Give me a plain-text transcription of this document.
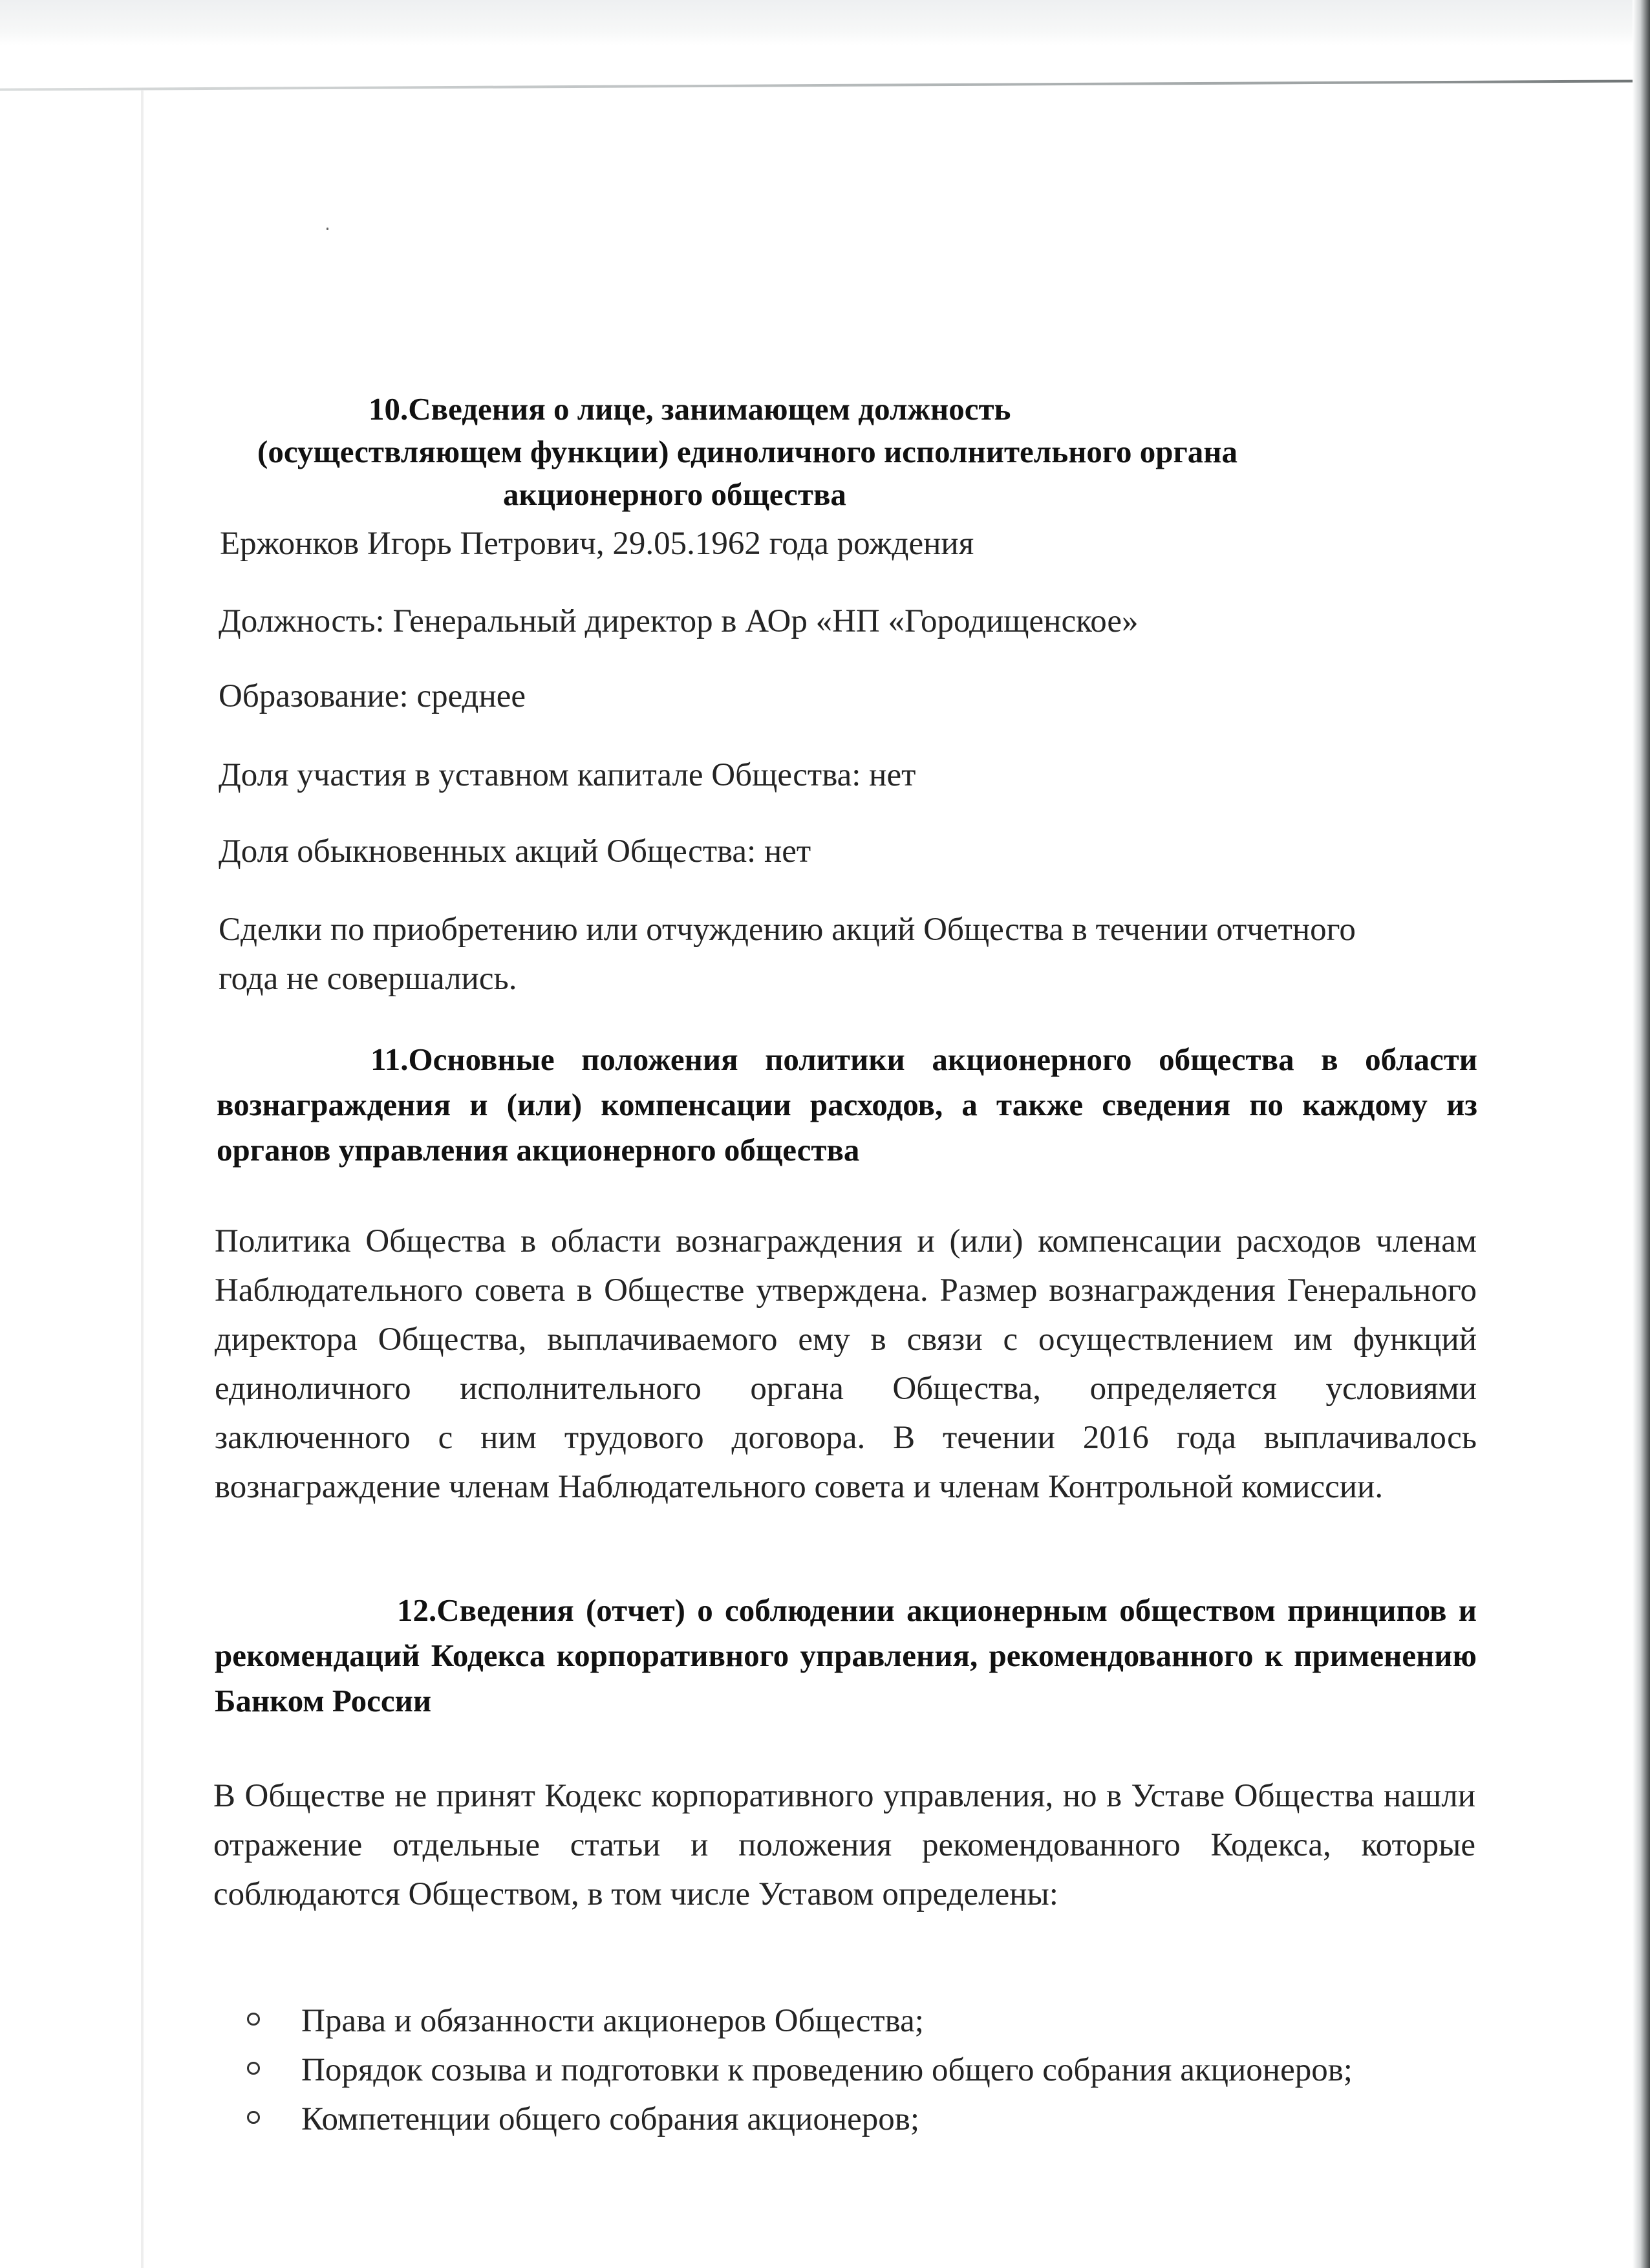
10.Сведения о лице, занимающем должность
(осуществляющем функции) единоличного исполнительного органа
акционерного общества
Ержонков Игорь Петрович, 29.05.1962 года рождения
Должность: Генеральный директор в АОр «НП «Городищенское»
Образование: среднее
Доля участия в уставном капитале Общества: нет
Доля обыкновенных акций Общества: нет
Сделки по приобретению или отчуждению акций Общества в течении отчетного года не совершались.
11.Основные положения политики акционерного общества в области вознаграждения и (или) компенсации расходов, а также сведения по каждому из органов управления акционерного общества
Политика Общества в области вознаграждения и (или) компенсации расходов членам Наблюдательного совета в Обществе утверждена. Размер вознаграждения Генерального директора Общества, выплачиваемого ему в связи с осуществлением им функций единоличного исполнительного органа Общества, определяется условиями заключенного с ним трудового договора. В течении 2016 года выплачивалось вознаграждение членам Наблюдательного совета и членам Контрольной комиссии.
12.Сведения (отчет) о соблюдении акционерным обществом принципов и рекомендаций Кодекса корпоративного управления, рекомендованного к применению Банком России
В Обществе не принят Кодекс корпоративного управления, но в Уставе Общества нашли отражение отдельные статьи и положения рекомендованного Кодекса, которые соблюдаются Обществом, в том числе Уставом определены:
Права и обязанности акционеров Общества;
Порядок созыва и подготовки к проведению общего собрания акционеров;
Компетенции общего собрания акционеров;
